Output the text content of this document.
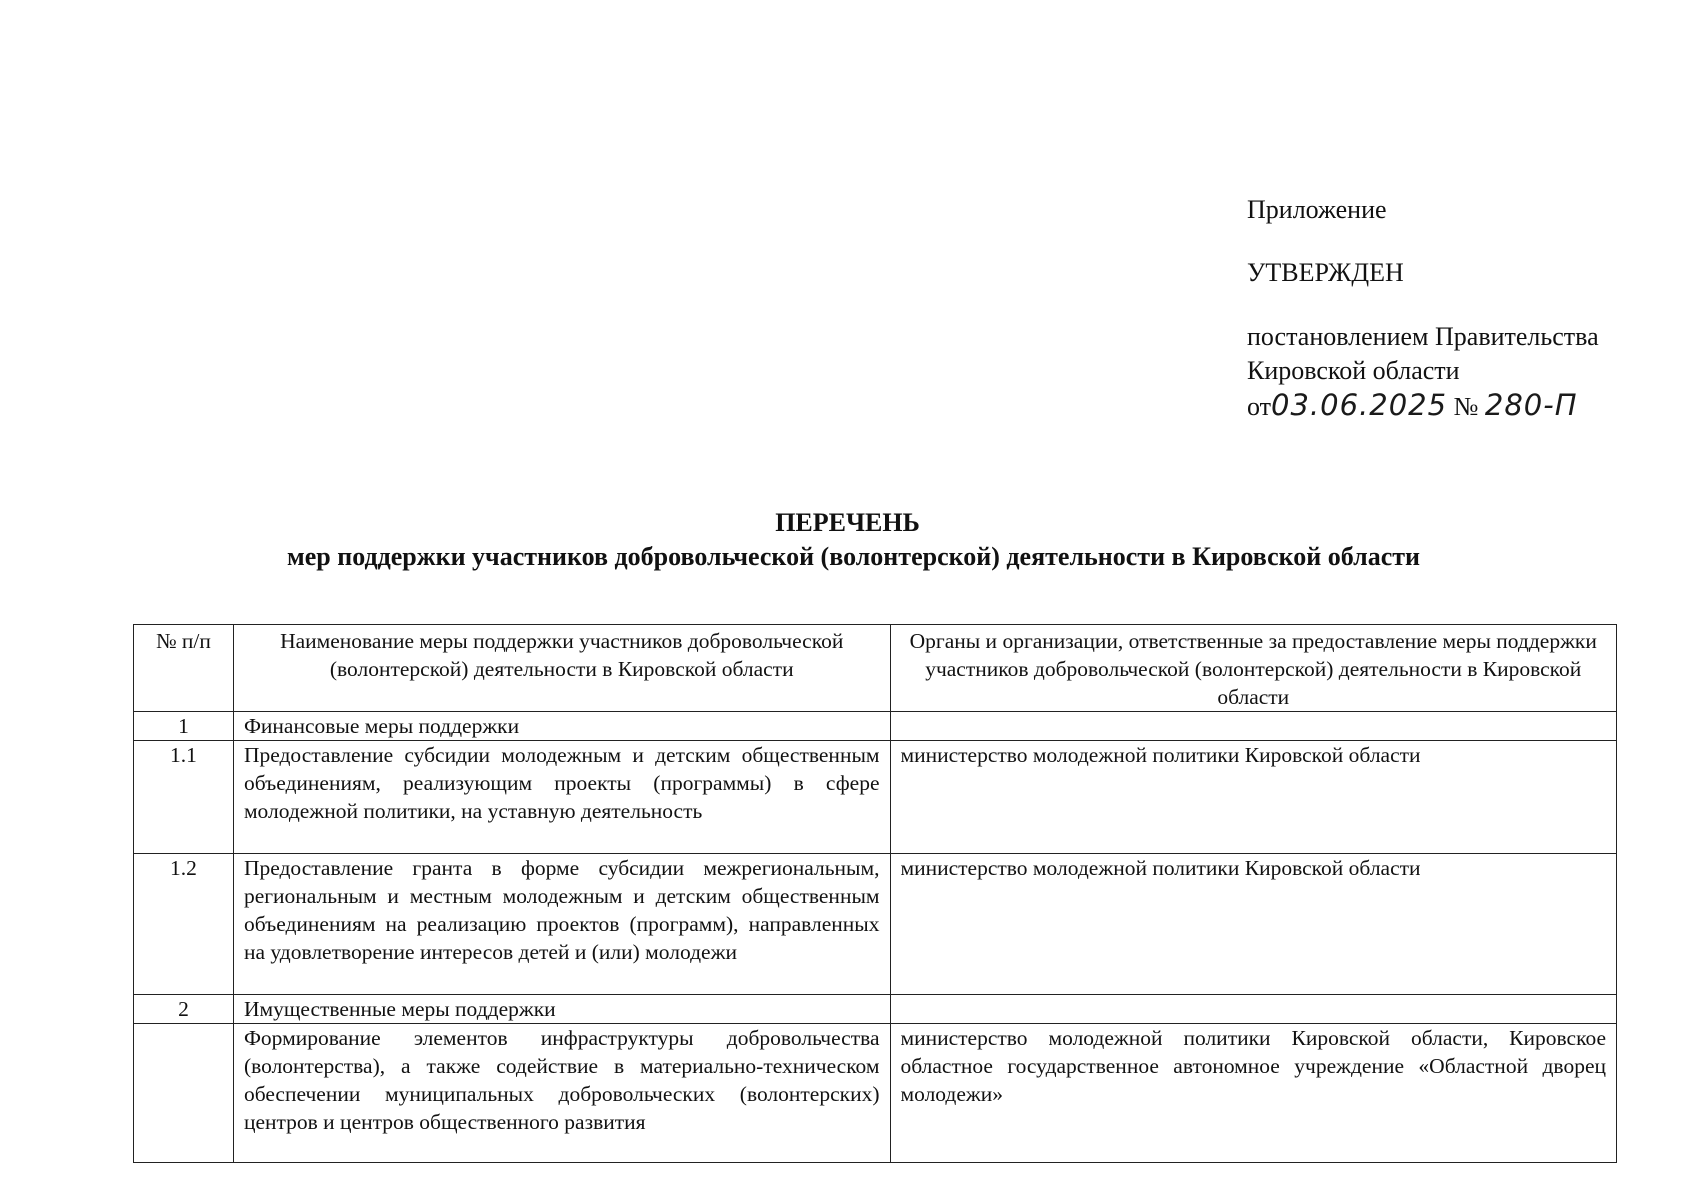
Приложение
УТВЕРЖДЕН
постановлением Правительства
Кировской области
от03.06.2025 № 280-П
ПЕРЕЧЕНЬ
мер поддержки участников добровольческой (волонтерской) деятельности в Кировской области
№ п/п	Наименование меры поддержки участников добровольческой (волонтерской) деятельности в Кировской области	Органы и организации, ответственные за предоставление меры поддержки участников добровольческой (волонтерской) деятельности в Кировской области
1	Финансовые меры поддержки	
1.1	Предоставление субсидии молодежным и детским общественным объединениям, реализующим проекты (программы) в сфере молодежной политики, на уставную деятельность	министерство молодежной политики Кировской области
1.2	Предоставление гранта в форме субсидии межрегиональным, региональным и местным молодежным и детским общественным объединениям на реализацию проектов (программ), направленных на удовлетворение интересов детей и (или) молодежи	министерство молодежной политики Кировской области
2	Имущественные меры поддержки	
	Формирование элементов инфраструктуры добровольчества (волонтерства), а также содействие в материально-техническом обеспечении муниципальных добровольческих (волонтерских) центров и центров общественного развития	министерство молодежной политики Кировской области, Кировское областное государственное автономное учреждение «Областной дворец молодежи»
